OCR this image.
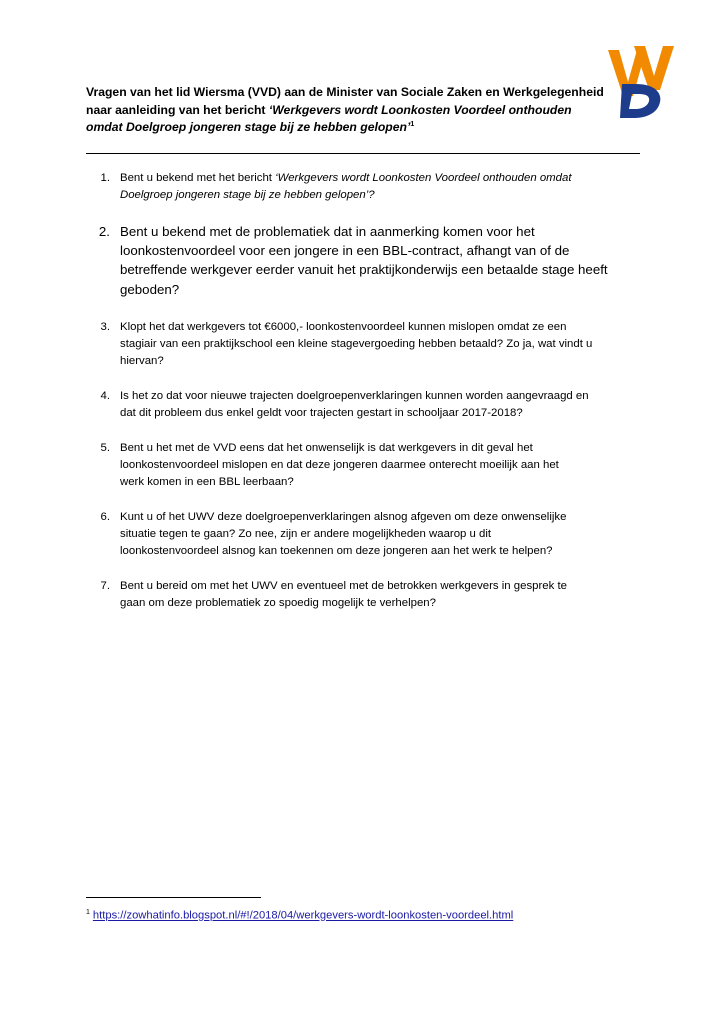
Vragen van het lid Wiersma (VVD) aan de Minister van Sociale Zaken en Werkgelegenheid
naar aanleiding van het bericht ‘Werkgevers wordt Loonkosten Voordeel onthouden
omdat Doelgroep jongeren stage bij ze hebben gelopen’$^1$
1. Bent u bekend met het bericht ‘Werkgevers wordt Loonkosten Voordeel onthouden omdat
Doelgroep jongeren stage bij ze hebben gelopen’?
2. Bent u bekend met de problematiek dat in aanmerking komen voor het
loonkostenvoordeel voor een jongere in een BBL-contract, afhangt van of de
betreffende werkgever eerder vanuit het praktijkonderwijs een betaalde stage heeft
geboden?
3. Klopt het dat werkgevers tot €6000,- loonkostenvoordeel kunnen mislopen omdat ze een
stagiair van een praktijkschool een kleine stagevergoeding hebben betaald? Zo ja, wat vindt u
hiervan?
4. Is het zo dat voor nieuwe trajecten doelgroepenverklaringen kunnen worden aangevraagd en
dat dit probleem dus enkel geldt voor trajecten gestart in schooljaar 2017-2018?
5. Bent u het met de VVD eens dat het onwenselijk is dat werkgevers in dit geval het
loonkostenvoordeel mislopen en dat deze jongeren daarmee onterecht moeilijk aan het
werk komen in een BBL leerbaan?
6. Kunt u of het UWV deze doelgroepenverklaringen alsnog afgeven om deze onwenselijke
situatie tegen te gaan? Zo nee, zijn er andere mogelijkheden waarop u dit
loonkostenvoordeel alsnog kan toekennen om deze jongeren aan het werk te helpen?
7. Bent u bereid om met het UWV en eventueel met de betrokken werkgevers in gesprek te
gaan om deze problematiek zo spoedig mogelijk te verhelpen?
$^1$ https://zowhatinfo.blogspot.nl/#!/2018/04/werkgevers-wordt-loonkosten-voordeel.html
